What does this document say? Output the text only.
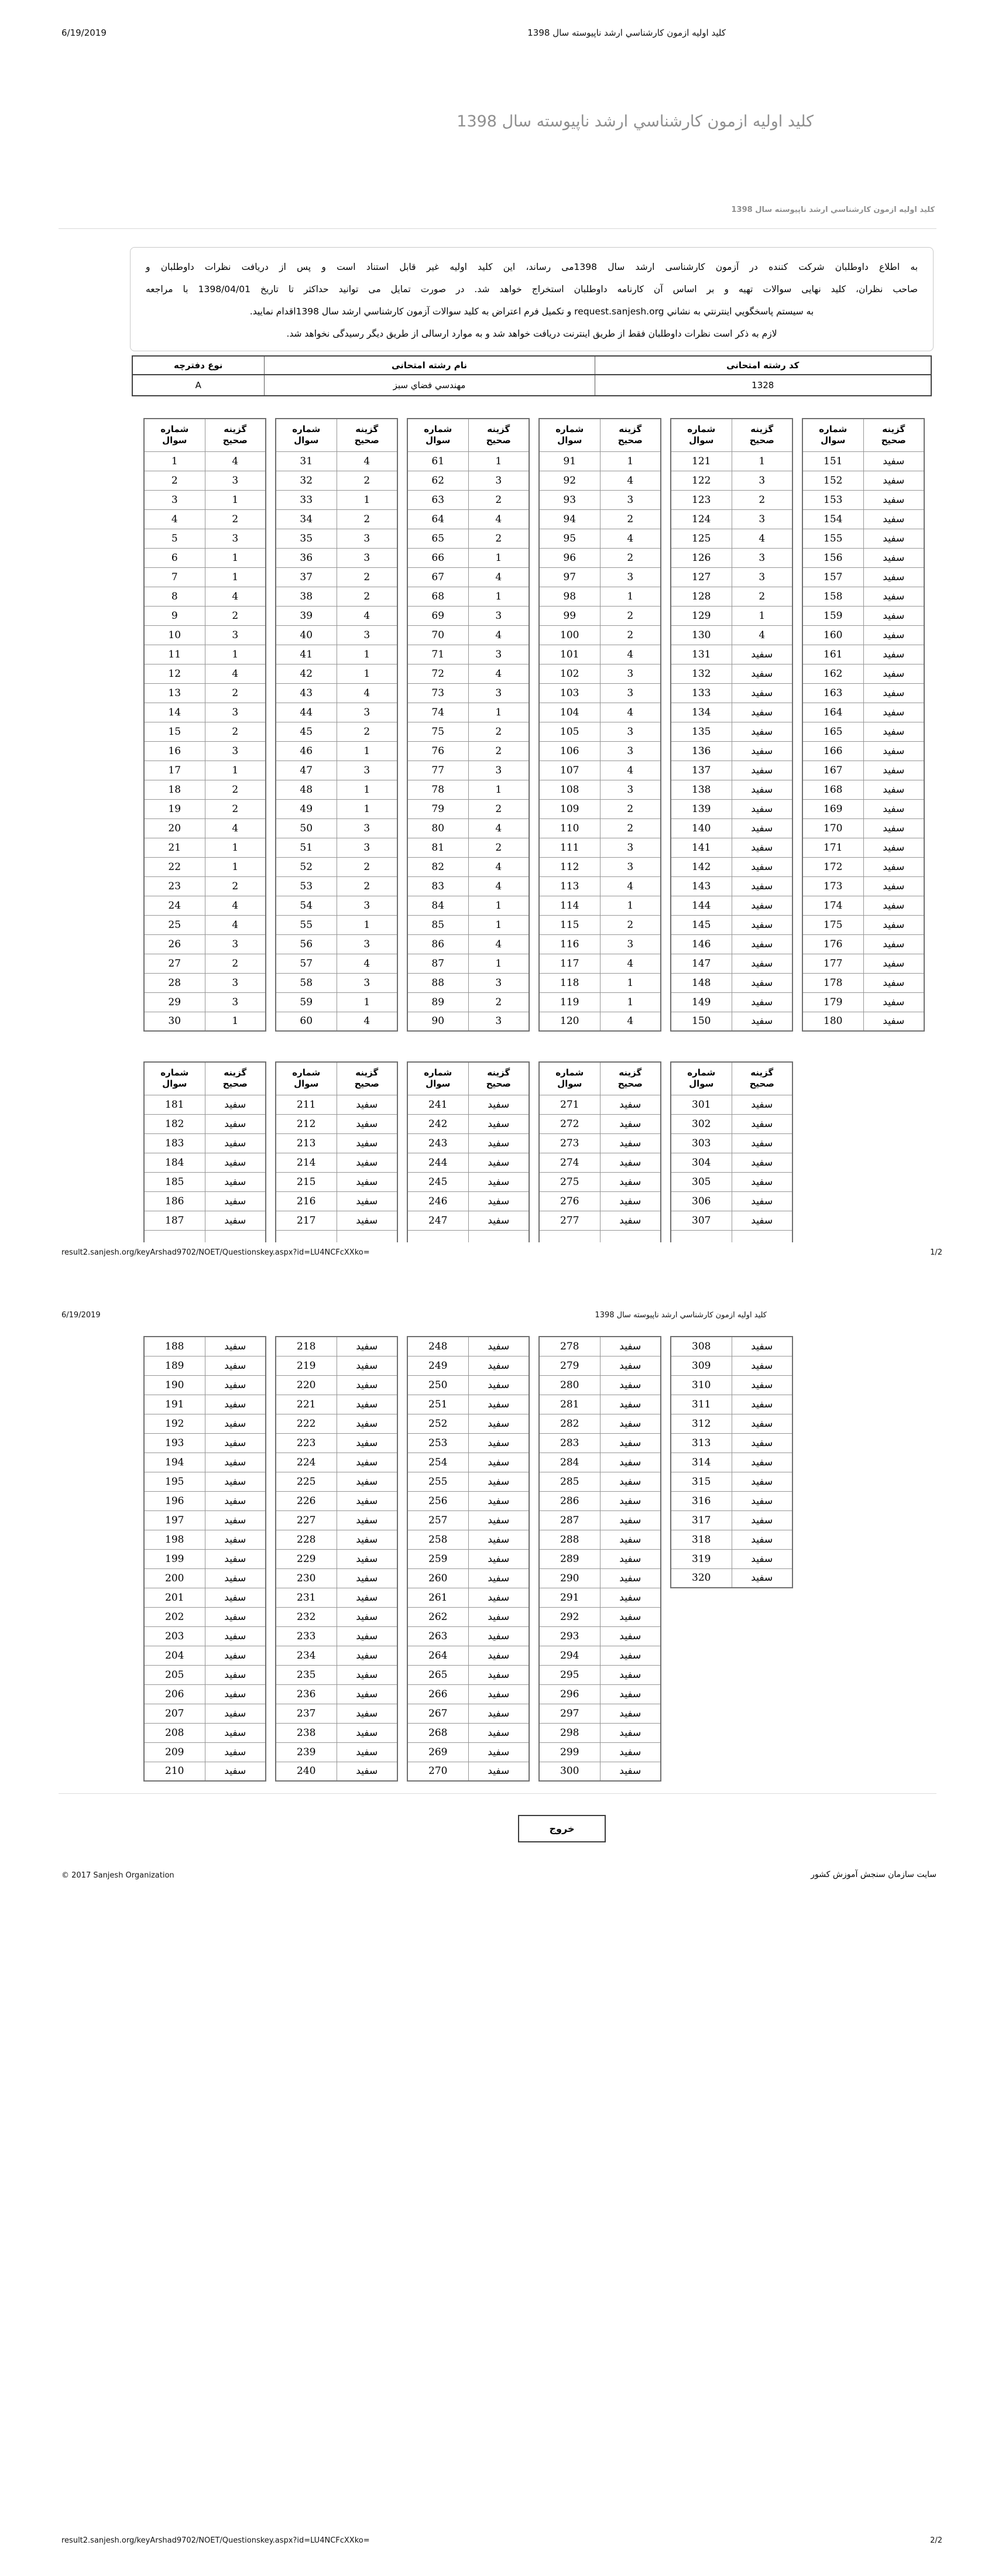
6/19/2019	کلید اولیه ازمون کارشناسي ارشد ناپیوسته سال 1398
کلید اولیه ازمون کارشناسي ارشد ناپیوسته سال 1398
کلید اولیه ازمون کارشناسي ارشد ناپیوسته سال 1398
به اطلاع داوطلبان شرکت کننده در آزمون کارشناسی ارشد سال 1398می رساند، این کلید اولیه غیر قابل استناد است و پس از دریافت نظرات داوطلبان و
صاحب نظران، کلید نهایی سوالات تهیه و بر اساس آن کارنامه داوطلبان استخراج خواهد شد. در صورت تمایل می توانید حداکثر تا تاریخ 1398/04/01 با مراجعه
به سیستم پاسخگویي اینترنتي به نشاني request.sanjesh.org و تکمیل فرم اعتراض به کلید سوالات آزمون کارشناسي ارشد سال 1398اقدام نمایید.
لازم به ذکر است نظرات داوطلبان فقط از طریق اینترنت دریافت خواهد شد و به موارد ارسالی از طریق دیگر رسیدگی نخواهد شد.
کد رشته امتحانی	نام رشته امتحانی	نوع دفترچه
1328	مهندسي فضاي سبز	A
result2.sanjesh.org/keyArshad9702/NOET/Questionskey.aspx?id=LU4NCFcXXko=	1/2
6/19/2019	کلید اولیه ازمون کارشناسي ارشد ناپیوسته سال 1398
خروج
© 2017 Sanjesh Organization	سایت سازمان سنجش آموزش کشور
result2.sanjesh.org/keyArshad9702/NOET/Questionskey.aspx?id=LU4NCFcXXko=	2/2
شماره
سوال

گزینه
صحیح

1	4
2	3
3	1
4	2
5	3
6	1
7	1
8	4
9	2
10	3
11	1
12	4
13	2
14	3
15	2
16	3
17	1
18	2
19	2
20	4
21	1
22	1
23	2
24	4
25	4
26	3
27	2
28	3
29	3
30	1
شماره
سوال

گزینه
صحیح

31	4
32	2
33	1
34	2
35	3
36	3
37	2
38	2
39	4
40	3
41	1
42	1
43	4
44	3
45	2
46	1
47	3
48	1
49	1
50	3
51	3
52	2
53	2
54	3
55	1
56	3
57	4
58	3
59	1
60	4
شماره
سوال

گزینه
صحیح

61	1
62	3
63	2
64	4
65	2
66	1
67	4
68	1
69	3
70	4
71	3
72	4
73	3
74	1
75	2
76	2
77	3
78	1
79	2
80	4
81	2
82	4
83	4
84	1
85	1
86	4
87	1
88	3
89	2
90	3
شماره
سوال

گزینه
صحیح

91	1
92	4
93	3
94	2
95	4
96	2
97	3
98	1
99	2
100	2
101	4
102	3
103	3
104	4
105	3
106	3
107	4
108	3
109	2
110	2
111	3
112	3
113	4
114	1
115	2
116	3
117	4
118	1
119	1
120	4
شماره
سوال

گزینه
صحیح

121	1
122	3
123	2
124	3
125	4
126	3
127	3
128	2
129	1
130	4
131	سفید
132	سفید
133	سفید
134	سفید
135	سفید
136	سفید
137	سفید
138	سفید
139	سفید
140	سفید
141	سفید
142	سفید
143	سفید
144	سفید
145	سفید
146	سفید
147	سفید
148	سفید
149	سفید
150	سفید
شماره
سوال

گزینه
صحیح

151	سفید
152	سفید
153	سفید
154	سفید
155	سفید
156	سفید
157	سفید
158	سفید
159	سفید
160	سفید
161	سفید
162	سفید
163	سفید
164	سفید
165	سفید
166	سفید
167	سفید
168	سفید
169	سفید
170	سفید
171	سفید
172	سفید
173	سفید
174	سفید
175	سفید
176	سفید
177	سفید
178	سفید
179	سفید
180	سفید
شماره
سوال

گزینه
صحیح

181	سفید
182	سفید
183	سفید
184	سفید
185	سفید
186	سفید
187	سفید

شماره
سوال

گزینه
صحیح

211	سفید
212	سفید
213	سفید
214	سفید
215	سفید
216	سفید
217	سفید

شماره
سوال

گزینه
صحیح

241	سفید
242	سفید
243	سفید
244	سفید
245	سفید
246	سفید
247	سفید

شماره
سوال

گزینه
صحیح

271	سفید
272	سفید
273	سفید
274	سفید
275	سفید
276	سفید
277	سفید

شماره
سوال

گزینه
صحیح

301	سفید
302	سفید
303	سفید
304	سفید
305	سفید
306	سفید
307	سفید

188	سفید
189	سفید
190	سفید
191	سفید
192	سفید
193	سفید
194	سفید
195	سفید
196	سفید
197	سفید
198	سفید
199	سفید
200	سفید
201	سفید
202	سفید
203	سفید
204	سفید
205	سفید
206	سفید
207	سفید
208	سفید
209	سفید
210	سفید
218	سفید
219	سفید
220	سفید
221	سفید
222	سفید
223	سفید
224	سفید
225	سفید
226	سفید
227	سفید
228	سفید
229	سفید
230	سفید
231	سفید
232	سفید
233	سفید
234	سفید
235	سفید
236	سفید
237	سفید
238	سفید
239	سفید
240	سفید
248	سفید
249	سفید
250	سفید
251	سفید
252	سفید
253	سفید
254	سفید
255	سفید
256	سفید
257	سفید
258	سفید
259	سفید
260	سفید
261	سفید
262	سفید
263	سفید
264	سفید
265	سفید
266	سفید
267	سفید
268	سفید
269	سفید
270	سفید
278	سفید
279	سفید
280	سفید
281	سفید
282	سفید
283	سفید
284	سفید
285	سفید
286	سفید
287	سفید
288	سفید
289	سفید
290	سفید
291	سفید
292	سفید
293	سفید
294	سفید
295	سفید
296	سفید
297	سفید
298	سفید
299	سفید
300	سفید
308	سفید
309	سفید
310	سفید
311	سفید
312	سفید
313	سفید
314	سفید
315	سفید
316	سفید
317	سفید
318	سفید
319	سفید
320	سفید
